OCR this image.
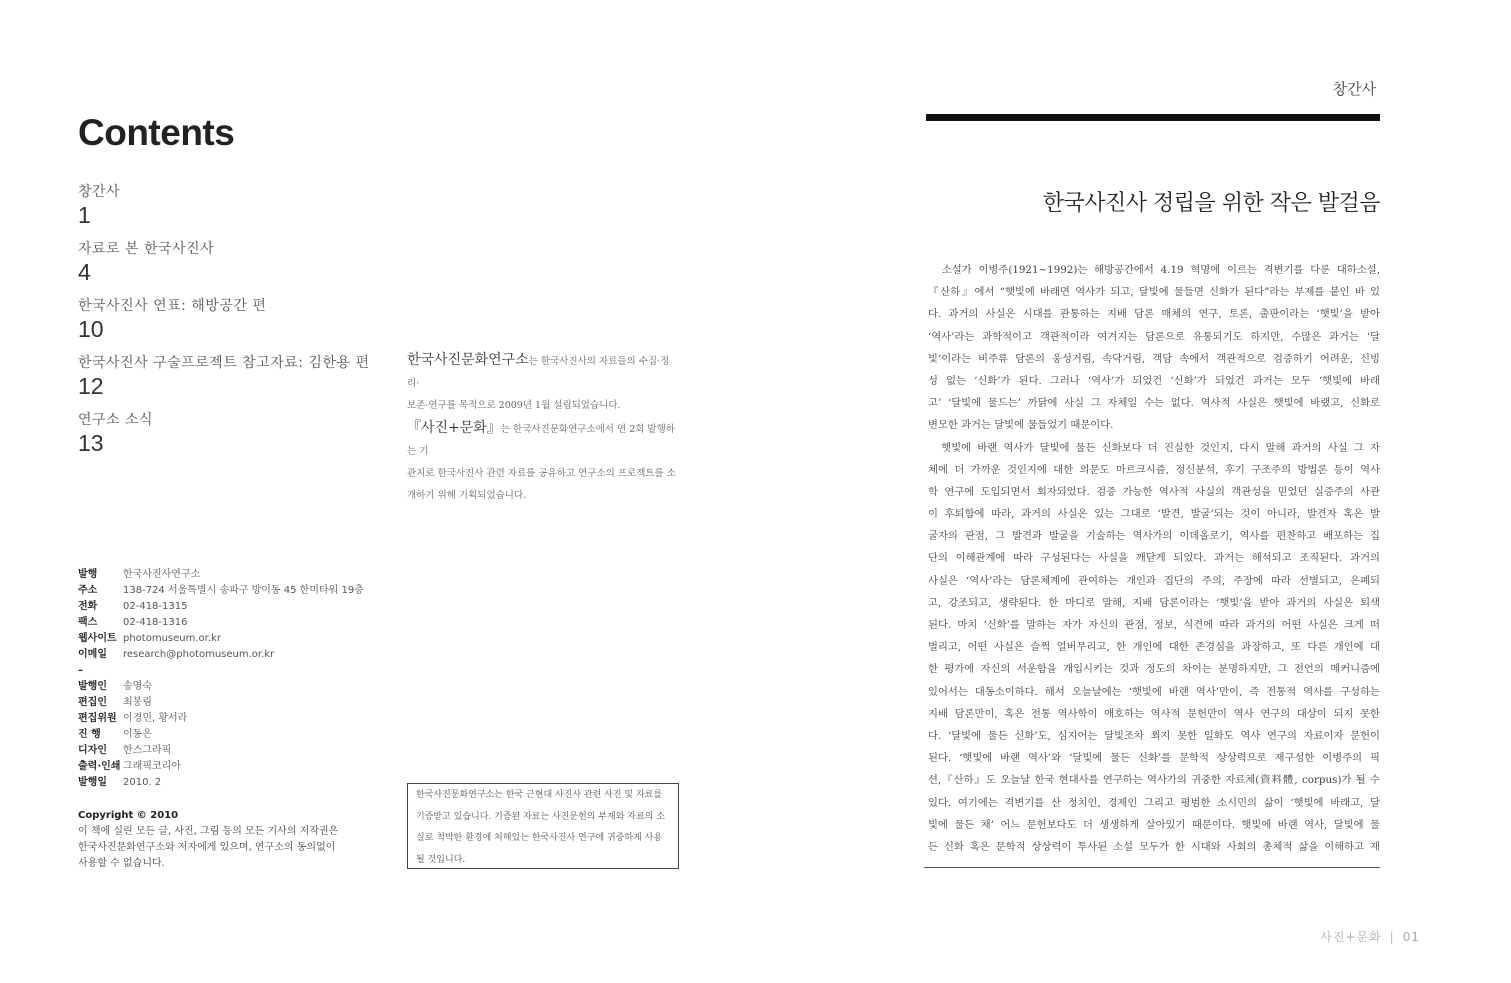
Contents
창간사
1
자료로 본 한국사진사
4
한국사진사 연표: 해방공간 편
10
한국사진사 구술프로젝트 참고자료: 김한용 편
12
연구소 소식
13
한국사진문화연구소는 한국사진사의 자료들의 수집·정리·
보존·연구를 목적으로 2009년 1월 설립되었습니다.
『사진+문화』는 한국사진문화연구소에서 연 2회 발행하는 기
관지로 한국사진사 관련 자료를 공유하고 연구소의 프로젝트를 소
개하기 위해 기획되었습니다.
발행	한국사진사연구소
주소	138-724 서울특별시 송파구 방이동 45 한미타워 19층
전화	02-418-1315
팩스	02-418-1316
웹사이트 photomuseum.or.kr
이메일	research@photomuseum.or.kr
–
발행인	송영숙
편집인	최봉림
편집위원 이경민, 황서라
진 행	이동은
디자인	한스그라픽
출력·인쇄 그래픽코리아
발행일	2010. 2
Copyright © 2010
이 책에 실린 모든 글, 사진, 그림 등의 모든 기사의 저작권은
한국사진문화연구소와 저자에게 있으며, 연구소의 동의없이
사용할 수 없습니다.
한국사진문화연구소는 한국 근현대 사진사 관련 사진 및 자료를
기증받고 있습니다. 기증된 자료는 사진문헌의 부재와 자료의 소
실로 척박한 환경에 처해있는 한국사진사 연구에 귀중하게 사용
될 것입니다.
창간사
한국사진사 정립을 위한 작은 발걸음
　소설가 이병주(1921~1992)는 해방공간에서 4.19 혁명에 이르는 격변기를 다룬 대하소설,
『산하』에서 “햇빛에 바래면 역사가 되고, 달빛에 물들면 신화가 된다”라는 부제를 붙인 바 있
다. 과거의 사실은 시대를 관통하는 지배 담론 매체의 연구, 토론, 출판이라는 ‘햇빛’을 받아
‘역사’라는 과학적이고 객관적이라 여겨지는 담론으로 유통되기도 하지만, 수많은 과거는 ‘달
빛’이라는 비주류 담론의 웅성거림, 속닥거림, 객담 속에서 객관적으로 검증하기 어려운, 신빙
성 없는 ‘신화’가 된다. 그러나 ‘역사’가 되었건 ‘신화’가 되었건 과거는 모두 ‘햇빛에 바래
고’ ‘달빛에 물드는’ 까닭에 사실 그 자체일 수는 없다. 역사적 사실은 햇빛에 바랬고, 신화로
변모한 과거는 달빛에 물들었기 때문이다.
　햇빛에 바랜 역사가 달빛에 물든 신화보다 더 진실한 것인지, 다시 말해 과거의 사실 그 자
체에 더 가까운 것인지에 대한 의문도 마르크시즘, 정신분석, 후기 구조주의 방법론 등이 역사
학 연구에 도입되면서 회자되었다. 검증 가능한 역사적 사실의 객관성을 믿었던 실증주의 사관
이 후퇴함에 따라, 과거의 사실은 있는 그대로 ‘발견, 발굴’되는 것이 아니라, 발견자 혹은 발
굴자의 관점, 그 발견과 발굴을 기술하는 역사가의 이데올로기, 역사를 편찬하고 배포하는 집
단의 이해관계에 따라 구성된다는 사실을 깨닫게 되었다. 과거는 해석되고 조직된다. 과거의
사실은 ‘역사’라는 담론체계에 관여하는 개인과 집단의 주의, 주장에 따라 선별되고, 은폐되
고, 강조되고, 생략된다. 한 마디로 말해, 지배 담론이라는 ‘햇빛’을 받아 과거의 사실은 퇴색
된다. 마치 ‘신화’를 말하는 자가 자신의 관점, 정보, 식견에 따라 과거의 어떤 사실은 크게 떠
벌리고, 어떤 사실은 슬쩍 얼버무리고, 한 개인에 대한 존경심을 과장하고, 또 다른 개인에 대
한 평가에 자신의 서운함을 개입시키는 것과 정도의 차이는 분명하지만, 그 전언의 메커니즘에
있어서는 대동소이하다. 해서 오늘날에는 ‘햇빛에 바랜 역사’만이, 즉 전통적 역사를 구성하는
지배 담론만이, 혹은 전통 역사학이 애호하는 역사적 문헌만이 역사 연구의 대상이 되지 못한
다. ‘달빛에 물든 신화’도, 심지어는 달빛조차 쬐지 못한 일화도 역사 연구의 자료이자 문헌이
된다. ‘햇빛에 바랜 역사’와 ‘달빛에 물든 신화’를 문학적 상상력으로 재구성한 이병주의 픽
션,『산하』도 오늘날 한국 현대사를 연구하는 역사가의 귀중한 자료체(資料體, corpus)가 될 수
있다. 여기에는 격변기를 산 정치인, 경제인 그리고 평범한 소시민의 삶이 ‘햇빛에 바래고, 달
빛에 물든 채’ 어느 문헌보다도 더 생생하게 살아있기 때문이다. 햇빛에 바랜 역사, 달빛에 물
든 신화 혹은 문학적 상상력이 투사된 소설 모두가 한 시대와 사회의 총체적 삶을 이해하고 재
사진+문화 | 01
